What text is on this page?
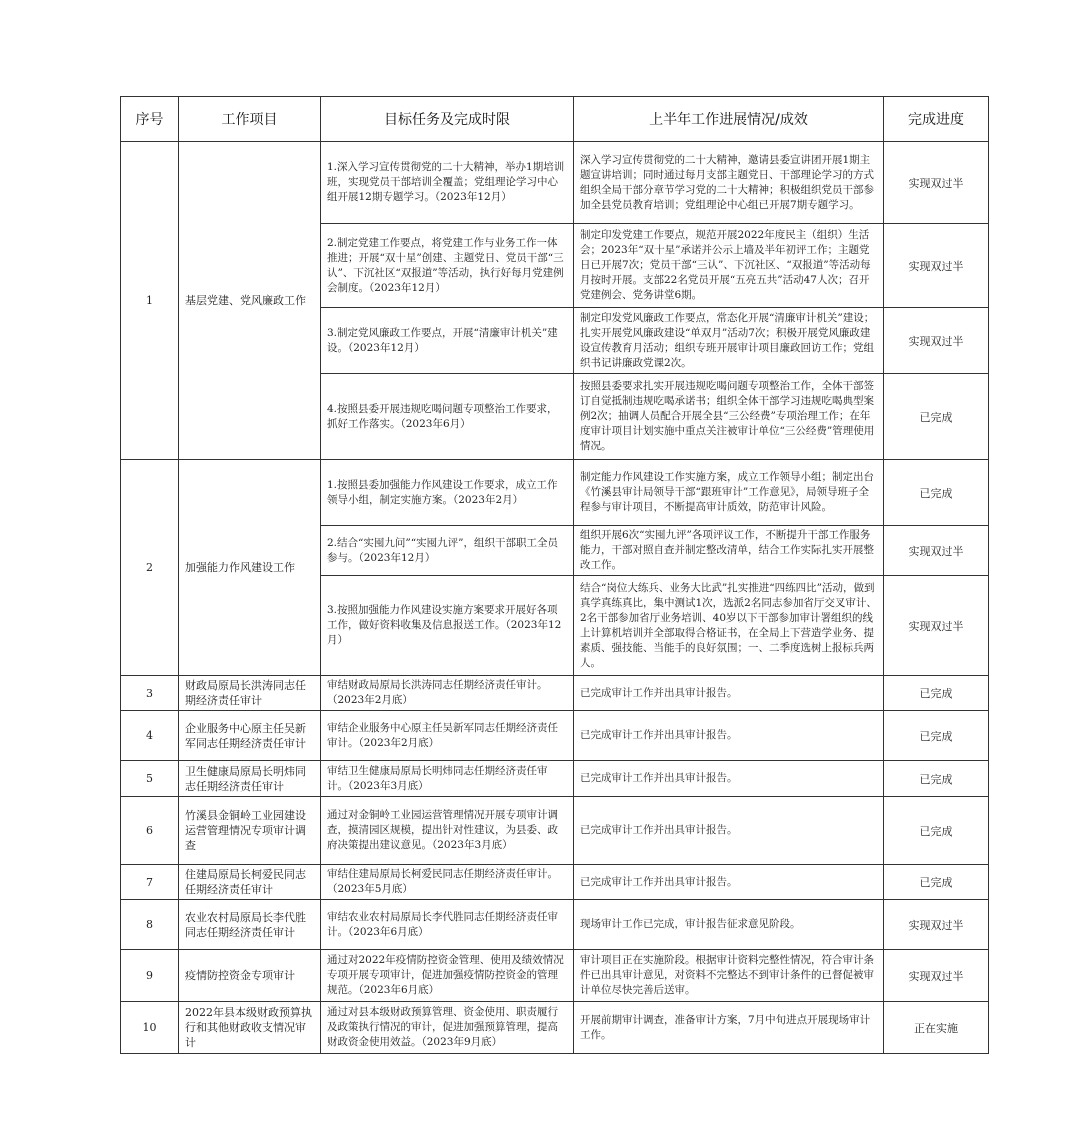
序号	工作项目	目标任务及完成时限	上半年工作进展情况/成效	完成进度
1	基层党建、党风廉政工作	1.深入学习宣传贯彻党的二十大精神，举办1期培训班，实现党员干部培训全覆盖；党组理论学习中心组开展12期专题学习。（2023年12月）	深入学习宣传贯彻党的二十大精神，邀请县委宣讲团开展1期主题宣讲培训；同时通过每月支部主题党日、干部理论学习的方式组织全局干部分章节学习党的二十大精神；积极组织党员干部参加全县党员教育培训；党组理论中心组已开展7期专题学习。	实现双过半
		2.制定党建工作要点，将党建工作与业务工作一体推进；开展“双十星”创建、主题党日、党员干部“三认”、下沉社区“双报道”等活动，执行好每月党建例会制度。（2023年12月）	制定印发党建工作要点，规范开展2022年度民主（组织）生活会；2023年“双十星”承诺并公示上墙及半年初评工作；主题党日已开展7次；党员干部“三认”、下沉社区、“双报道”等活动每月按时开展。支部22名党员开展“五亮五共”活动47人次；召开党建例会、党务讲堂6期。	实现双过半
		3.制定党风廉政工作要点，开展“清廉审计机关”建设。（2023年12月）	制定印发党风廉政工作要点，常态化开展“清廉审计机关”建设；扎实开展党风廉政建设“单双月”活动7次；积极开展党风廉政建设宣传教育月活动；组织专班开展审计项目廉政回访工作；党组织书记讲廉政党课2次。	实现双过半
		4.按照县委开展违规吃喝问题专项整治工作要求，抓好工作落实。（2023年6月）	按照县委要求扎实开展违规吃喝问题专项整治工作，全体干部签订自觉抵制违规吃喝承诺书；组织全体干部学习违规吃喝典型案例2次；抽调人员配合开展全县“三公经费”专项治理工作；在年度审计项目计划实施中重点关注被审计单位“三公经费”管理使用情况。	已完成
2	加强能力作风建设工作	1.按照县委加强能力作风建设工作要求，成立工作领导小组，制定实施方案。（2023年2月）	制定能力作风建设工作实施方案，成立工作领导小组；制定出台《竹溪县审计局领导干部“跟班审计”工作意见》，局领导班子全程参与审计项目，不断提高审计质效，防范审计风险。	已完成
		2.结合“实囤九问”“实囤九评”，组织干部职工全员参与。（2023年12月）	组织开展6次“实囤九评”各项评议工作，不断提升干部工作服务能力，干部对照自查并制定整改清单，结合工作实际扎实开展整改工作。	实现双过半
		3.按照加强能力作风建设实施方案要求开展好各项工作，做好资料收集及信息报送工作。（2023年12月）	结合“岗位大练兵、业务大比武”扎实推进“四练四比”活动，做到真学真练真比，集中测试1次，选派2名同志参加省厅交叉审计、2名干部参加省厅业务培训、40岁以下干部参加审计署组织的线上计算机培训并全部取得合格证书，在全局上下营造学业务、提素质、强技能、当能手的良好氛围；一、二季度选树上报标兵两人。	实现双过半
3	财政局原局长洪涛同志任期经济责任审计	审结财政局原局长洪涛同志任期经济责任审计。（2023年2月底）	已完成审计工作并出具审计报告。	已完成
4	企业服务中心原主任吴新军同志任期经济责任审计	审结企业服务中心原主任吴新军同志任期经济责任审计。（2023年2月底）	已完成审计工作并出具审计报告。	已完成
5	卫生健康局原局长明炜同志任期经济责任审计	审结卫生健康局原局长明炜同志任期经济责任审计。（2023年3月底）	已完成审计工作并出具审计报告。	已完成
6	竹溪县金铜岭工业园建设运营管理情况专项审计调查	通过对金铜岭工业园运营管理情况开展专项审计调查，摸清园区规模，提出针对性建议，为县委、政府决策提出建议意见。（2023年3月底）	已完成审计工作并出具审计报告。	已完成
7	住建局原局长柯爱民同志任期经济责任审计	审结住建局原局长柯爱民同志任期经济责任审计。（2023年5月底）	已完成审计工作并出具审计报告。	已完成
8	农业农村局原局长李代胜同志任期经济责任审计	审结农业农村局原局长李代胜同志任期经济责任审计。（2023年6月底）	现场审计工作已完成，审计报告征求意见阶段。	实现双过半
9	疫情防控资金专项审计	通过对2022年疫情防控资金管理、使用及绩效情况专项开展专项审计，促进加强疫情防控资金的管理规范。（2023年6月底）	审计项目正在实施阶段。根据审计资料完整性情况，符合审计条件已出具审计意见，对资料不完整达不到审计条件的已督促被审计单位尽快完善后送审。	实现双过半
10	2022年县本级财政预算执行和其他财政收支情况审计	通过对县本级财政预算管理、资金使用、职责履行及政策执行情况的审计，促进加强预算管理，提高财政资金使用效益。（2023年9月底）	开展前期审计调查，准备审计方案，7月中旬进点开展现场审计工作。	正在实施
